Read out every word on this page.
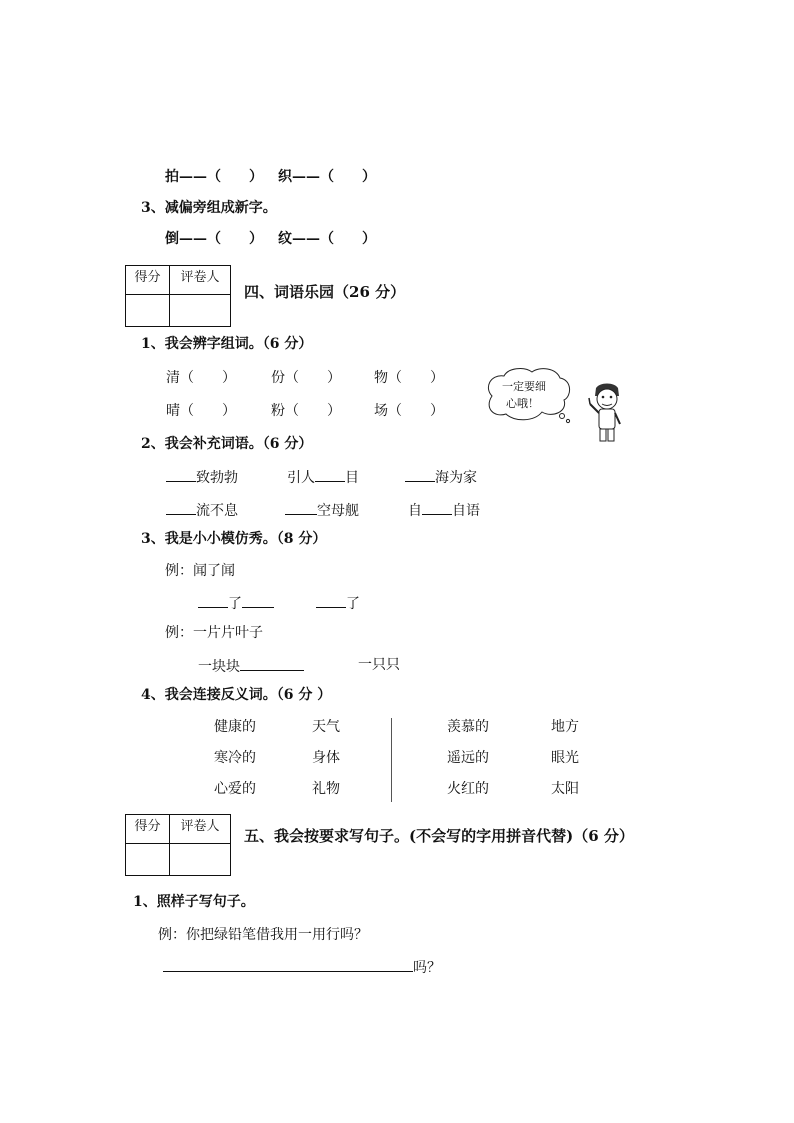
拍——（　　） 织——（　　）
3、减偏旁组成新字。
倒——（　　） 纹——（　　）
得分	评卷人
四、词语乐园（26 分）
1、我会辨字组词。（6 分）
清（　　）	份（　　） 物（　　）
晴（　　）	粉（　　） 场（　　）
一定要细
心哦！
2、我会补充词语。（6 分）
致勃勃	引人 目	海为家
流不息	空母舰	自 自语
3、我是小小模仿秀。（8 分）
例：闻了闻
了	了
例：一片片叶子
一块块	一只只
4、我会连接反义词。（6 分 ）
健康的	天气	羡慕的	地方
寒冷的	身体	遥远的	眼光
心爱的	礼物	火红的	太阳
得分	评卷人
五、我会按要求写句子。(不会写的字用拼音代替)（6 分）
1、照样子写句子。
例：你把绿铅笔借我用一用行吗？
吗？
